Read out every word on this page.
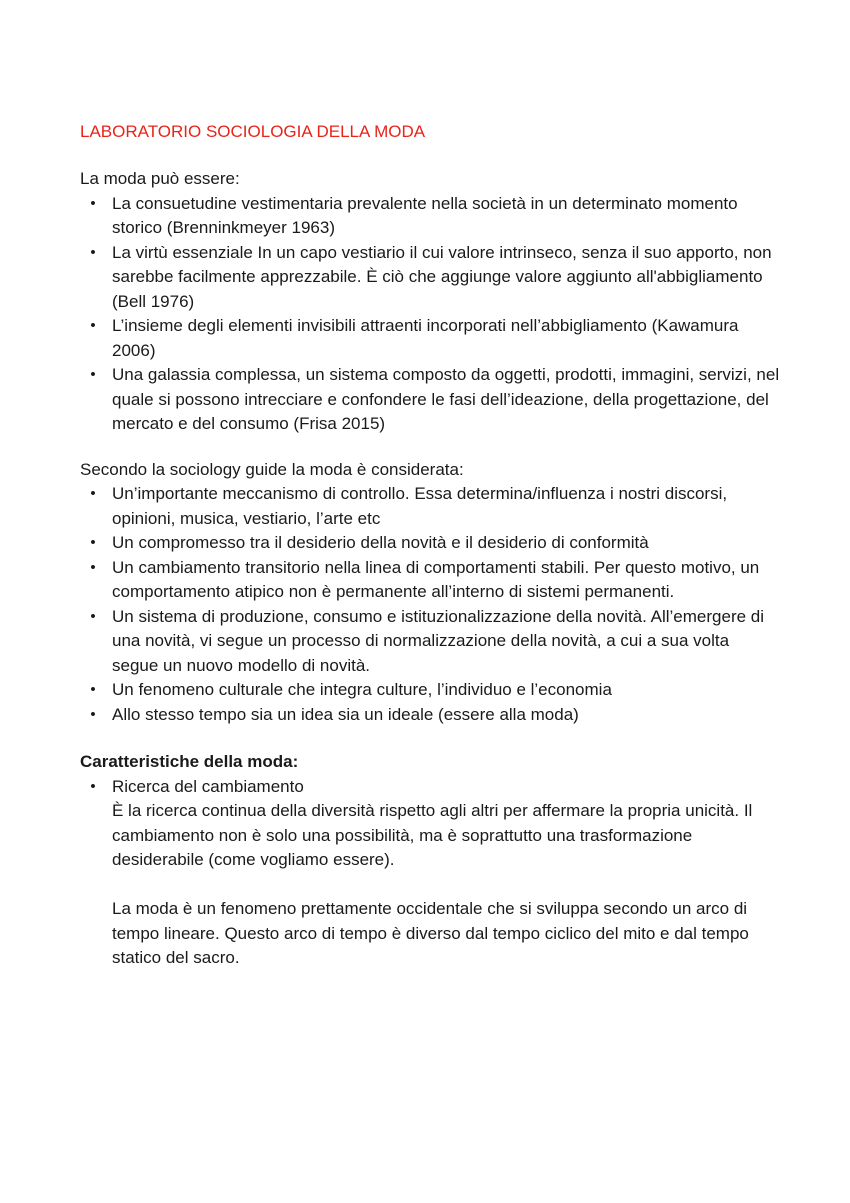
LABORATORIO SOCIOLOGIA DELLA MODA

La moda può essere:

• La consuetudine vestimentaria prevalente nella società in un determinato momento storico (Brenninkmeyer 1963)
• La virtù essenziale In un capo vestiario il cui valore intrinseco, senza il suo apporto, non sarebbe facilmente apprezzabile. È ciò che aggiunge valore aggiunto all'abbigliamento (Bell 1976)
• L’insieme degli elementi invisibili attraenti incorporati nell’abbigliamento (Kawamura 2006)
• Una galassia complessa, un sistema composto da oggetti, prodotti, immagini, servizi, nel quale si possono intrecciare e confondere le fasi dell’ideazione, della progettazione, del mercato e del consumo (Frisa 2015)

Secondo la sociology guide la moda è considerata:

• Un’importante meccanismo di controllo. Essa determina/influenza i nostri discorsi, opinioni, musica, vestiario, l’arte etc
• Un compromesso tra il desiderio della novità e il desiderio di conformità
• Un cambiamento transitorio nella linea di comportamenti stabili. Per questo motivo, un comportamento atipico non è permanente all’interno di sistemi permanenti.
• Un sistema di produzione, consumo e istituzionalizzazione della novità. All’emergere di una novità, vi segue un processo di normalizzazione della novità, a cui a sua volta segue un nuovo modello di novità.
• Un fenomeno culturale che integra culture, l’individuo e l’economia
• Allo stesso tempo sia un idea sia un ideale (essere alla moda)

Caratteristiche della moda:

• Ricerca del cambiamento
È la ricerca continua della diversità rispetto agli altri per affermare la propria unicità. Il cambiamento non è solo una possibilità, ma è soprattutto una trasformazione desiderabile (come vogliamo essere).
La moda è un fenomeno prettamente occidentale che si sviluppa secondo un arco di tempo lineare. Questo arco di tempo è diverso dal tempo ciclico del mito e dal tempo statico del sacro.
